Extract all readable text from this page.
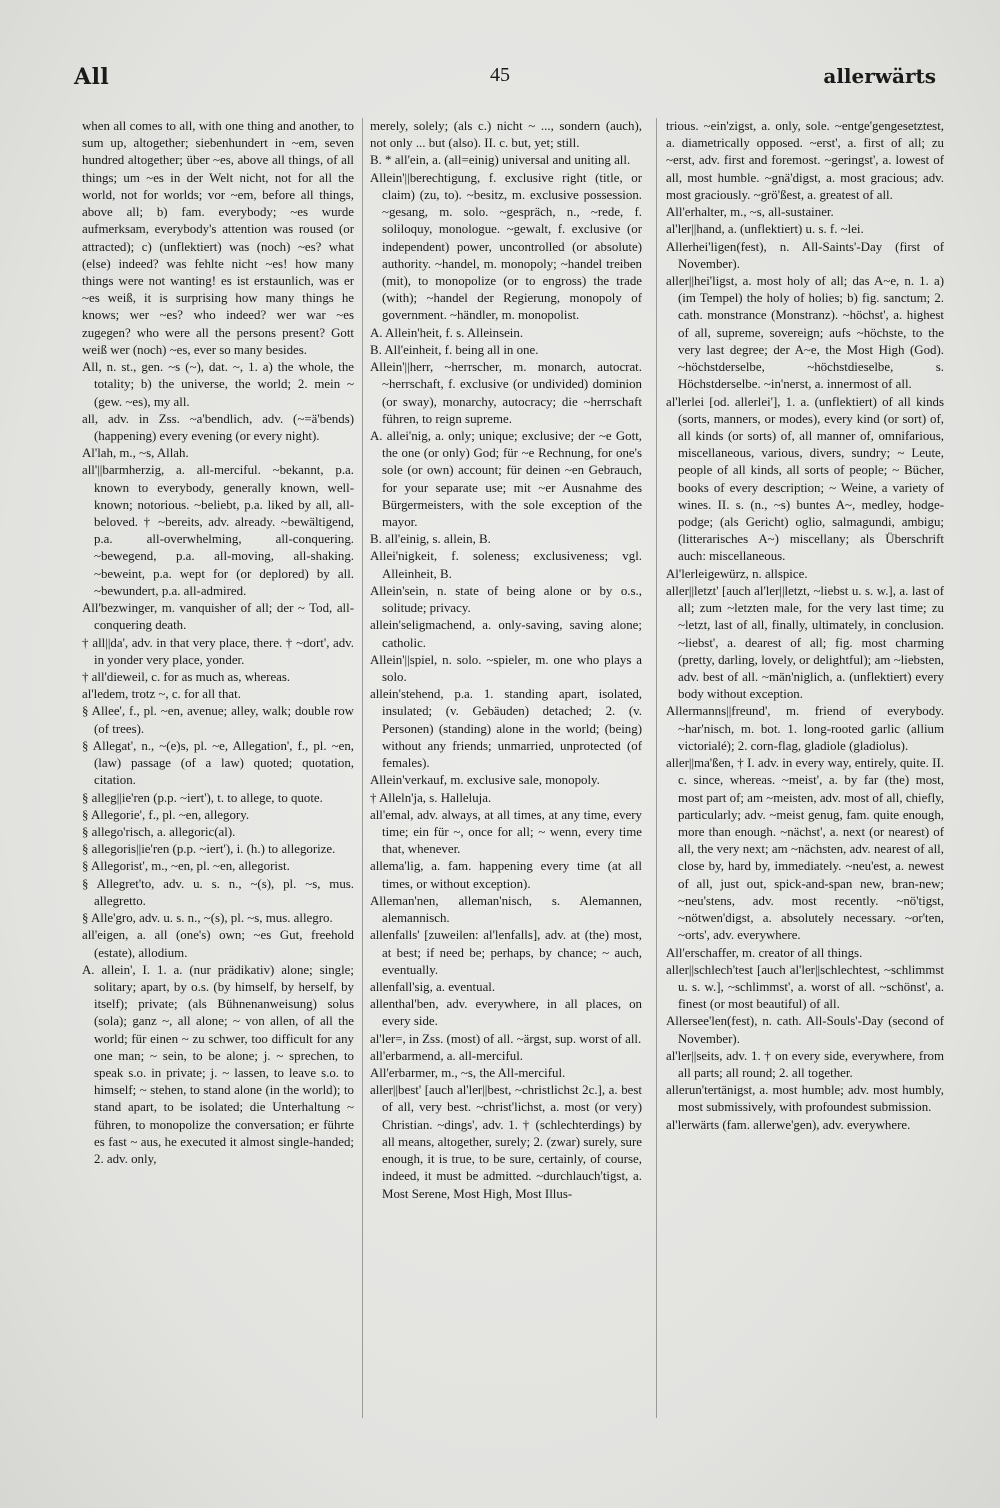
All	45	allerwärts

when all comes to all, with one thing and another, to sum up, altogether; siebenhundert in ~em, seven hundred altogether; über ~es, above all things, of all things; um ~es in der Welt nicht, not for all the world, not for worlds; vor ~em, before all things, above all; b) fam. everybody; ~es wurde aufmerksam, everybody's attention was roused (or attracted); c) (unflektiert) was (noch) ~es? what (else) indeed? was fehlte nicht ~es! how many things were not wanting! es ist erstaunlich, was er ~es weiß, it is surprising how many things he knows; wer ~es? who indeed? wer war ~es zugegen? who were all the persons present? Gott weiß wer (noch) ~es, ever so many besides.

All, n. st., gen. ~s (~), dat. ~, 1. a) the whole, the totality; b) the universe, the world; 2. mein ~ (gew. ~es), my all.

all, adv. in Zss. ~a'bendlich, adv. (~=ä'bends) (happening) every evening (or every night).

Al'lah, m., ~s, Allah.

all'||barmherzig, a. all-merciful. ~bekannt, p.a. known to everybody, generally known, well-known; notorious. ~beliebt, p.a. liked by all, all-beloved. † ~bereits, adv. already. ~bewältigend, p.a. all-overwhelming, all-conquering. ~bewegend, p.a. all-moving, all-shaking. ~beweint, p.a. wept for (or deplored) by all. ~bewundert, p.a. all-admired.

All'bezwinger, m. vanquisher of all; der ~ Tod, all-conquering death.

† all||da', adv. in that very place, there. † ~dort', adv. in yonder very place, yonder.

† all'dieweil, c. for as much as, whereas.

al'ledem, trotz ~, c. for all that.

§ Allee', f., pl. ~en, avenue; alley, walk; double row (of trees).

§ Allegat', n., ~(e)s, pl. ~e, Allegation', f., pl. ~en, (law) passage (of a law) quoted; quotation, citation.

§ alleg||ie'ren (p.p. ~iert'), t. to allege, to quote.

§ Allegorie', f., pl. ~en, allegory.

§ allego'risch, a. allegoric(al).

§ allegoris||ie'ren (p.p. ~iert'), i. (h.) to allegorize.

§ Allegorist', m., ~en, pl. ~en, allegorist.

§ Allegret'to, adv. u. s. n., ~(s), pl. ~s, mus. allegretto.

§ Alle'gro, adv. u. s. n., ~(s), pl. ~s, mus. allegro.

all'eigen, a. all (one's) own; ~es Gut, freehold (estate), allodium.

A. allein', I. 1. a. (nur prädikativ) alone; single; solitary; apart, by o.s. (by himself, by herself, by itself); private; (als Bühnenanweisung) solus (sola); ganz ~, all alone; ~ von allen, of all the world; für einen ~ zu schwer, too difficult for any one man; ~ sein, to be alone; j. ~ sprechen, to speak s.o. in private; j. ~ lassen, to leave s.o. to himself; ~ stehen, to stand alone (in the world); to stand apart, to be isolated; die Unterhaltung ~ führen, to monopolize the conversation; er führte es fast ~ aus, he executed it almost single-handed; 2. adv. only,

merely, solely; (als c.) nicht ~ ..., sondern (auch), not only ... but (also). II. c. but, yet; still.

B. * all'ein, a. (all=einig) universal and uniting all.

Allein'||berechtigung, f. exclusive right (title, or claim) (zu, to). ~besitz, m. exclusive possession. ~gesang, m. solo. ~gespräch, n., ~rede, f. soliloquy, monologue. ~gewalt, f. exclusive (or independent) power, uncontrolled (or absolute) authority. ~handel, m. monopoly; ~handel treiben (mit), to monopolize (or to engross) the trade (with); ~handel der Regierung, monopoly of government. ~händler, m. monopolist.

A. Allein'heit, f. s. Alleinsein.

B. All'einheit, f. being all in one.

Allein'||herr, ~herrscher, m. monarch, autocrat. ~herrschaft, f. exclusive (or undivided) dominion (or sway), monarchy, autocracy; die ~herrschaft führen, to reign supreme.

A. allei'nig, a. only; unique; exclusive; der ~e Gott, the one (or only) God; für ~e Rechnung, for one's sole (or own) account; für deinen ~en Gebrauch, for your separate use; mit ~er Ausnahme des Bürgermeisters, with the sole exception of the mayor.

B. all'einig, s. allein, B.

Allei'nigkeit, f. soleness; exclusiveness; vgl. Alleinheit, B.

Allein'sein, n. state of being alone or by o.s., solitude; privacy.

allein'seligmachend, a. only-saving, saving alone; catholic.

Allein'||spiel, n. solo. ~spieler, m. one who plays a solo.

allein'stehend, p.a. 1. standing apart, isolated, insulated; (v. Gebäuden) detached; 2. (v. Personen) (standing) alone in the world; (being) without any friends; unmarried, unprotected (of females).

Allein'verkauf, m. exclusive sale, monopoly.

† Alleln'ja, s. Halleluja.

all'emal, adv. always, at all times, at any time, every time; ein für ~, once for all; ~ wenn, every time that, whenever.

allema'lig, a. fam. happening every time (at all times, or without exception).

Alleman'nen, alleman'nisch, s. Alemannen, alemannisch.

allenfalls' [zuweilen: al'lenfalls], adv. at (the) most, at best; if need be; perhaps, by chance; ~ auch, eventually.

allenfall'sig, a. eventual.

allenthal'ben, adv. everywhere, in all places, on every side.

al'ler=, in Zss. (most) of all. ~ärgst, sup. worst of all.

all'erbarmend, a. all-merciful.

All'erbarmer, m., ~s, the All-merciful.

aller||best' [auch al'ler||best, ~christlichst 2c.], a. best of all, very best. ~christ'lichst, a. most (or very) Christian. ~dings', adv. 1. † (schlechterdings) by all means, altogether, surely; 2. (zwar) surely, sure enough, it is true, to be sure, certainly, of course, indeed, it must be admitted. ~durchlauch'tigst, a. Most Serene, Most High, Most Illus-

trious. ~ein'zigst, a. only, sole. ~entge'gengesetztest, a. diametrically opposed. ~erst', a. first of all; zu ~erst, adv. first and foremost. ~geringst', a. lowest of all, most humble. ~gnä'digst, a. most gracious; adv. most graciously. ~grö'ßest, a. greatest of all.

All'erhalter, m., ~s, all-sustainer.

al'ler||hand, a. (unflektiert) u. s. f. ~lei.

Allerhei'ligen(fest), n. All-Saints'-Day (first of November).

aller||hei'ligst, a. most holy of all; das A~e, n. 1. a) (im Tempel) the holy of holies; b) fig. sanctum; 2. cath. monstrance (Monstranz). ~höchst', a. highest of all, supreme, sovereign; aufs ~höchste, to the very last degree; der A~e, the Most High (God). ~höchstderselbe, ~höchstdieselbe, s. Höchstderselbe. ~in'nerst, a. innermost of all.

al'lerlei [od. allerlei'], 1. a. (unflektiert) of all kinds (sorts, manners, or modes), every kind (or sort) of, all kinds (or sorts) of, all manner of, omnifarious, miscellaneous, various, divers, sundry; ~ Leute, people of all kinds, all sorts of people; ~ Bücher, books of every description; ~ Weine, a variety of wines. II. s. (n., ~s) buntes A~, medley, hodge-podge; (als Gericht) oglio, salmagundi, ambigu; (litterarisches A~) miscellany; als Überschrift auch: miscellaneous.

Al'lerleigewürz, n. allspice.

aller||letzt' [auch al'ler||letzt, ~liebst u. s. w.], a. last of all; zum ~letzten male, for the very last time; zu ~letzt, last of all, finally, ultimately, in conclusion. ~liebst', a. dearest of all; fig. most charming (pretty, darling, lovely, or delightful); am ~liebsten, adv. best of all. ~män'niglich, a. (unflektiert) every body without exception.

Allermanns||freund', m. friend of everybody. ~har'nisch, m. bot. 1. long-rooted garlic (allium victorialé); 2. corn-flag, gladiole (gladiolus).

aller||ma'ßen, † I. adv. in every way, entirely, quite. II. c. since, whereas. ~meist', a. by far (the) most, most part of; am ~meisten, adv. most of all, chiefly, particularly; adv. ~meist genug, fam. quite enough, more than enough. ~nächst', a. next (or nearest) of all, the very next; am ~nächsten, adv. nearest of all, close by, hard by, immediately. ~neu'est, a. newest of all, just out, spick-and-span new, bran-new; ~neu'stens, adv. most recently. ~nö'tigst, ~nötwen'digst, a. absolutely necessary. ~or'ten, ~orts', adv. everywhere.

All'erschaffer, m. creator of all things.

aller||schlech'test [auch al'ler||schlechtest, ~schlimmst u. s. w.], ~schlimmst', a. worst of all. ~schönst', a. finest (or most beautiful) of all.

Allersee'len(fest), n. cath. All-Souls'-Day (second of November).

al'ler||seits, adv. 1. † on every side, everywhere, from all parts; all round; 2. all together.

allerun'tertänigst, a. most humble; adv. most humbly, most submissively, with profoundest submission.

al'lerwärts (fam. allerwe'gen), adv. everywhere.
